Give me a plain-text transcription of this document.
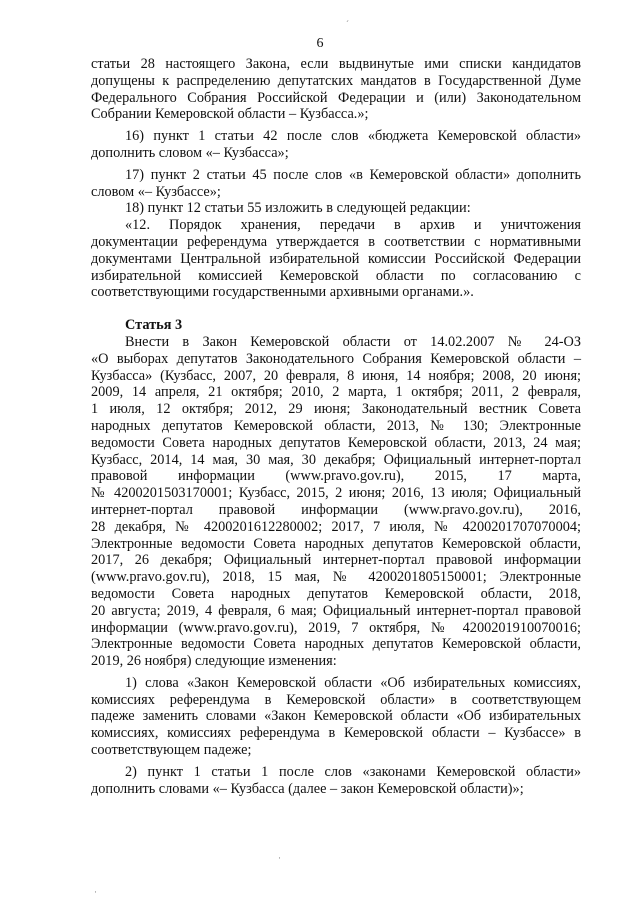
6
´
статьи 28 настоящего Закона, если выдвинутые ими списки кандидатов
допущены к распределению депутатских мандатов в Государственной Думе
Федерального Собрания Российской Федерации и (или) Законодательном
Собрании Кемеровской области – Кузбасса.»;
16) пункт 1 статьи 42 после слов «бюджета Кемеровской области»
дополнить словом «– Кузбасса»;
17) пункт 2 статьи 45 после слов «в Кемеровской области» дополнить
словом «– Кузбассе»;
18) пункт 12 статьи 55 изложить в следующей редакции:
«12. Порядок хранения, передачи в архив и уничтожения
документации референдума утверждается в соответствии с нормативными
документами Центральной избирательной комиссии Российской Федерации
избирательной комиссией Кемеровской области по согласованию с
соответствующими государственными архивными органами.».
Статья 3
Внести в Закон Кемеровской области от 14.02.2007 № 24-ОЗ
«О выборах депутатов Законодательного Собрания Кемеровской области –
Кузбасса» (Кузбасс, 2007, 20 февраля, 8 июня, 14 ноября; 2008, 20 июня;
2009, 14 апреля, 21 октября; 2010, 2 марта, 1 октября; 2011, 2 февраля,
1 июля, 12 октября; 2012, 29 июня; Законодательный вестник Совета
народных депутатов Кемеровской области, 2013, № 130; Электронные
ведомости Совета народных депутатов Кемеровской области, 2013, 24 мая;
Кузбасс, 2014, 14 мая, 30 мая, 30 декабря; Официальный интернет-портал
правовой информации (www.pravo.gov.ru), 2015, 17 марта,
№ 4200201503170001; Кузбасс, 2015, 2 июня; 2016, 13 июля; Официальный
интернет-портал правовой информации (www.pravo.gov.ru), 2016,
28 декабря, № 4200201612280002; 2017, 7 июля, № 4200201707070004;
Электронные ведомости Совета народных депутатов Кемеровской области,
2017, 26 декабря; Официальный интернет-портал правовой информации
(www.pravo.gov.ru), 2018, 15 мая, № 4200201805150001; Электронные
ведомости Совета народных депутатов Кемеровской области, 2018,
20 августа; 2019, 4 февраля, 6 мая; Официальный интернет-портал правовой
информации (www.pravo.gov.ru), 2019, 7 октября, № 4200201910070016;
Электронные ведомости Совета народных депутатов Кемеровской области,
2019, 26 ноября) следующие изменения:
1) слова «Закон Кемеровской области «Об избирательных комиссиях,
комиссиях референдума в Кемеровской области» в соответствующем
падеже заменить словами «Закон Кемеровской области «Об избирательных
комиссиях, комиссиях референдума в Кемеровской области – Кузбассе» в
соответствующем падеже;
2) пункт 1 статьи 1 после слов «законами Кемеровской области»
дополнить словами «– Кузбасса (далее – закон Кемеровской области)»;
·
·
